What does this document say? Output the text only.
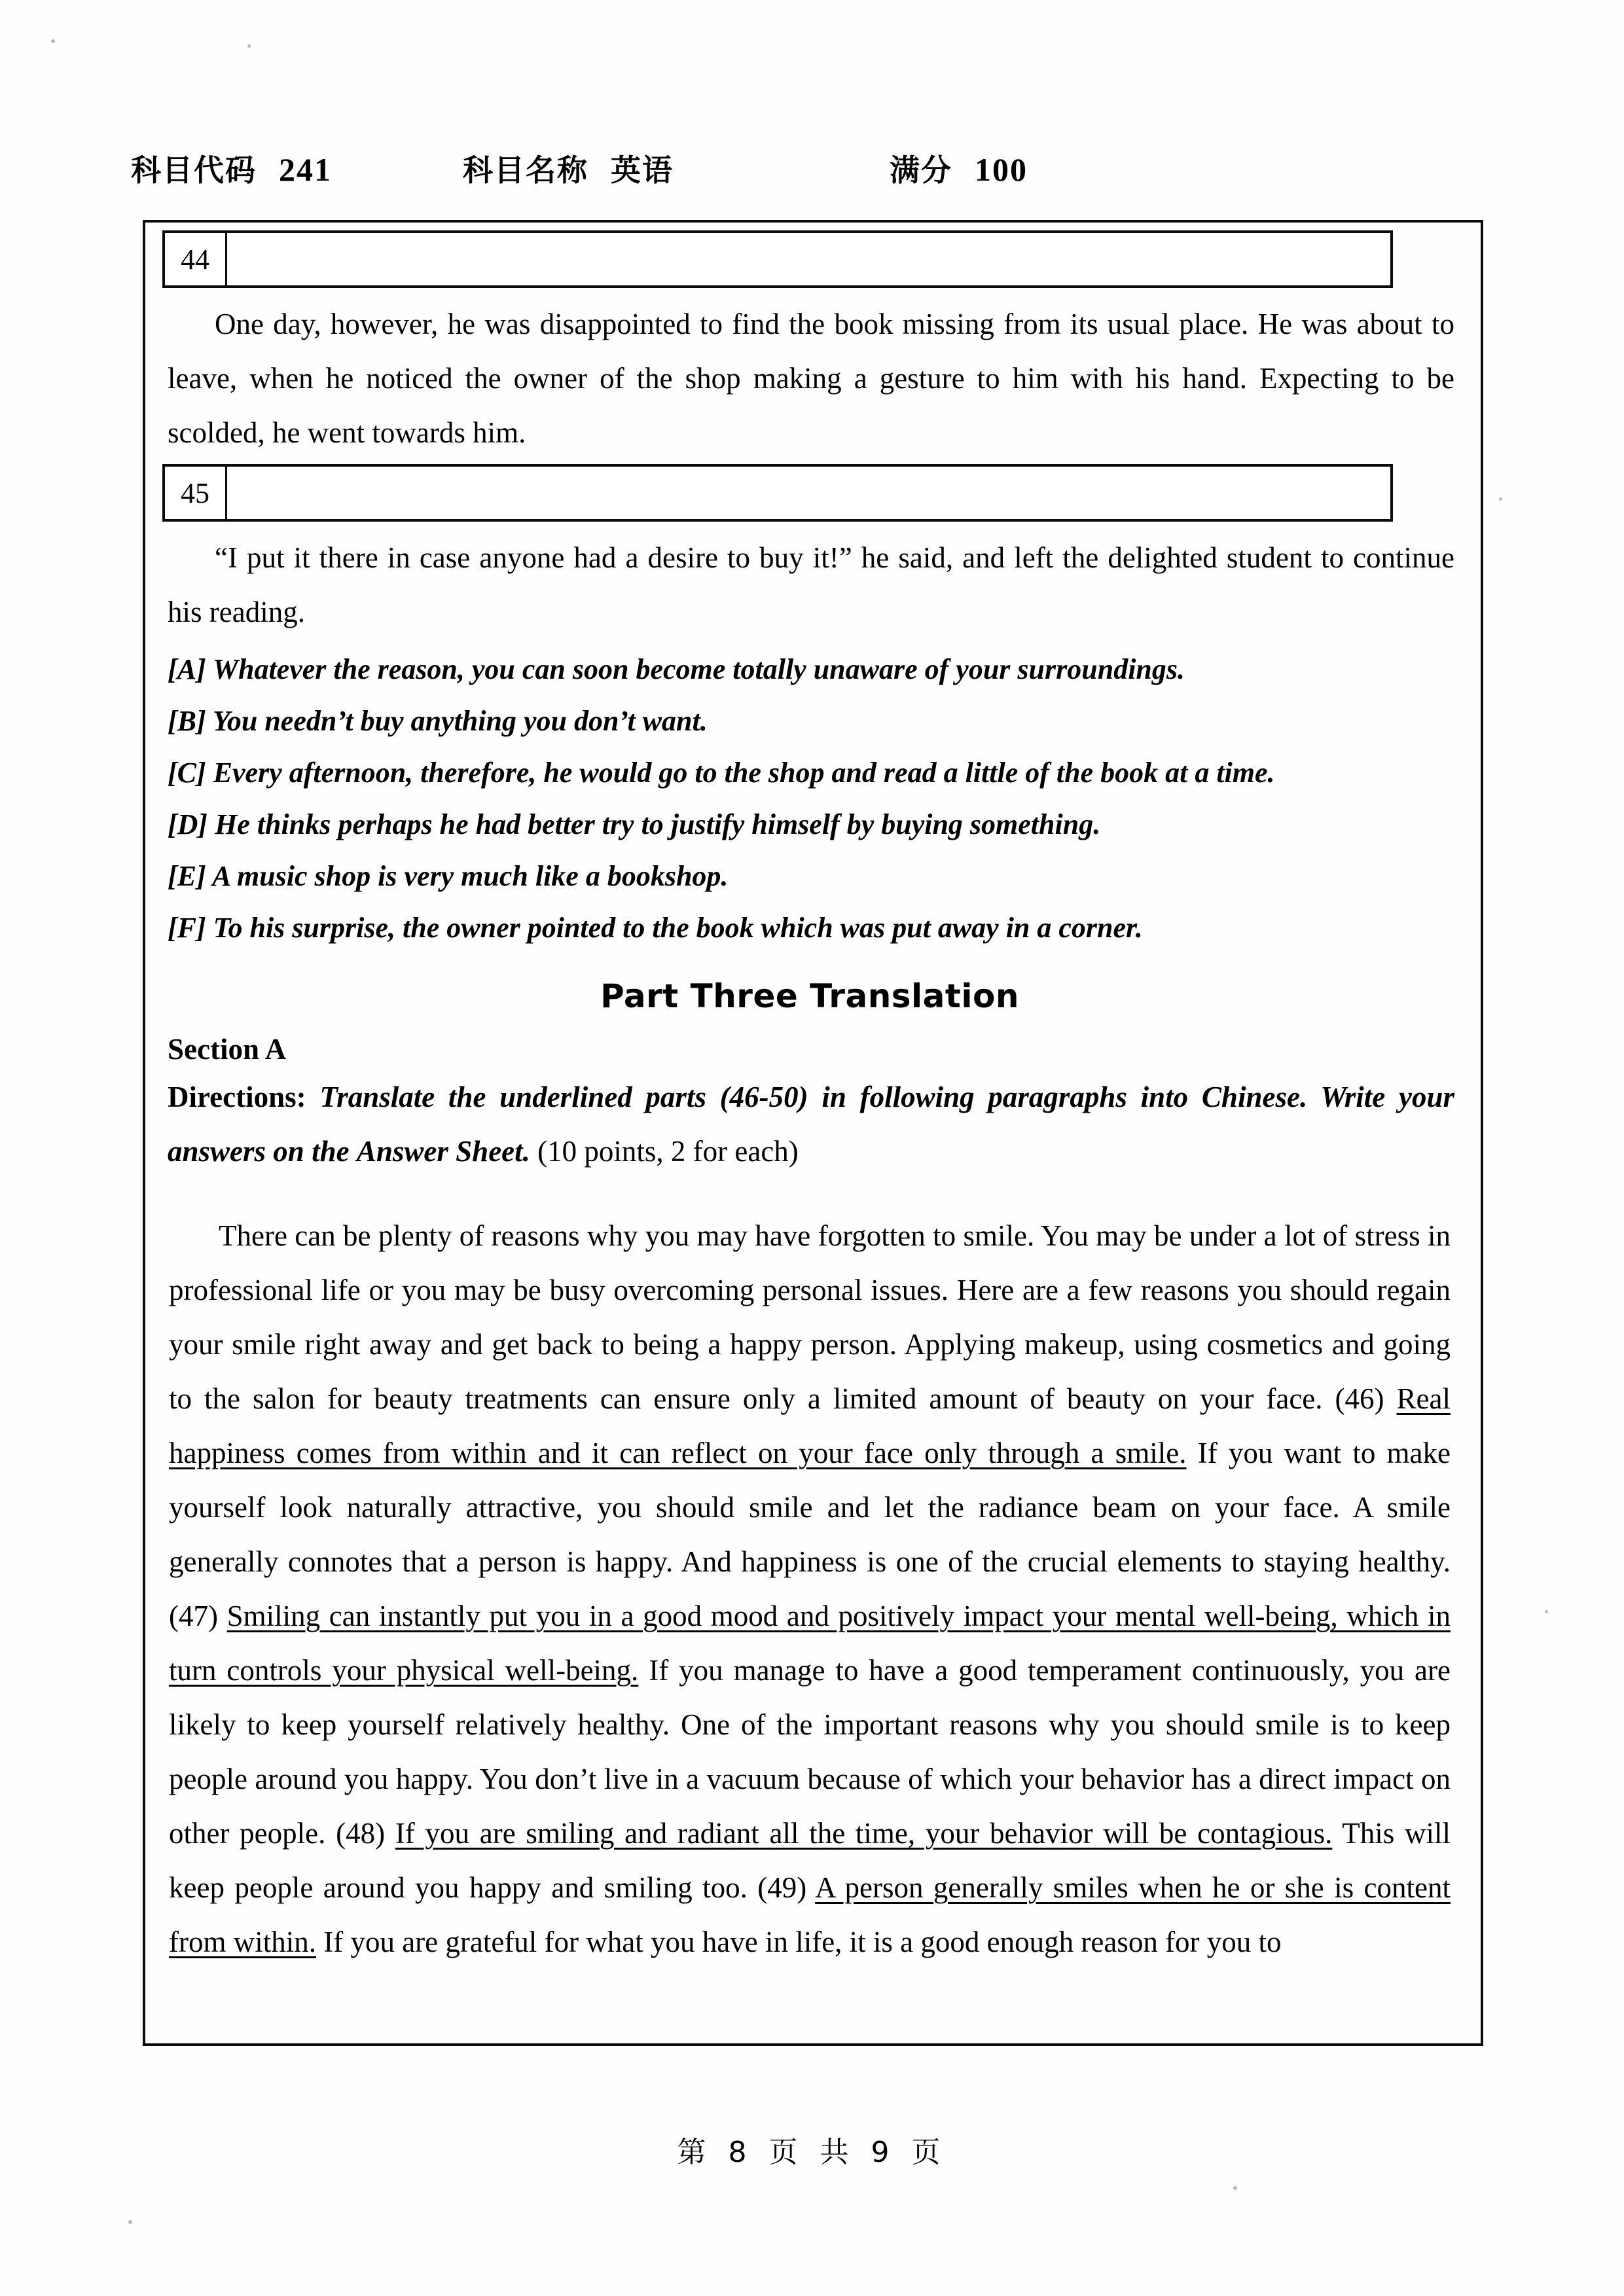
科目代码 241	科目名称 英语	满分 100
44

One day, however, he was disappointed to find the book missing from its usual place. He was about to leave, when he noticed the owner of the shop making a gesture to him with his hand. Expecting to be scolded, he went towards him.

45

“I put it there in case anyone had a desire to buy it!” he said, and left the delighted student to continue his reading.

[A] Whatever the reason, you can soon become totally unaware of your surroundings.
[B] You needn’t buy anything you don’t want.
[C] Every afternoon, therefore, he would go to the shop and read a little of the book at a time.
[D] He thinks perhaps he had better try to justify himself by buying something.
[E] A music shop is very much like a bookshop.
[F] To his surprise, the owner pointed to the book which was put away in a corner.
Part Three Translation
Section A
Directions: Translate the underlined parts (46-50) in following paragraphs into Chinese. Write your answers on the Answer Sheet. (10 points, 2 for each)
There can be plenty of reasons why you may have forgotten to smile. You may be under a lot of stress in professional life or you may be busy overcoming personal issues. Here are a few reasons you should regain your smile right away and get back to being a happy person. Applying makeup, using cosmetics and going to the salon for beauty treatments can ensure only a limited amount of beauty on your face. (46) Real happiness comes from within and it can reflect on your face only through a smile. If you want to make yourself look naturally attractive, you should smile and let the radiance beam on your face. A smile generally connotes that a person is happy. And happiness is one of the crucial elements to staying healthy. (47) Smiling can instantly put you in a good mood and positively impact your mental well-being, which in turn controls your physical well-being. If you manage to have a good temperament continuously, you are likely to keep yourself relatively healthy. One of the important reasons why you should smile is to keep people around you happy. You don’t live in a vacuum because of which your behavior has a direct impact on other people. (48) If you are smiling and radiant all the time, your behavior will be contagious. This will keep people around you happy and smiling too. (49) A person generally smiles when he or she is content from within. If you are grateful for what you have in life, it is a good enough reason for you to
第 8 页 共 9 页
